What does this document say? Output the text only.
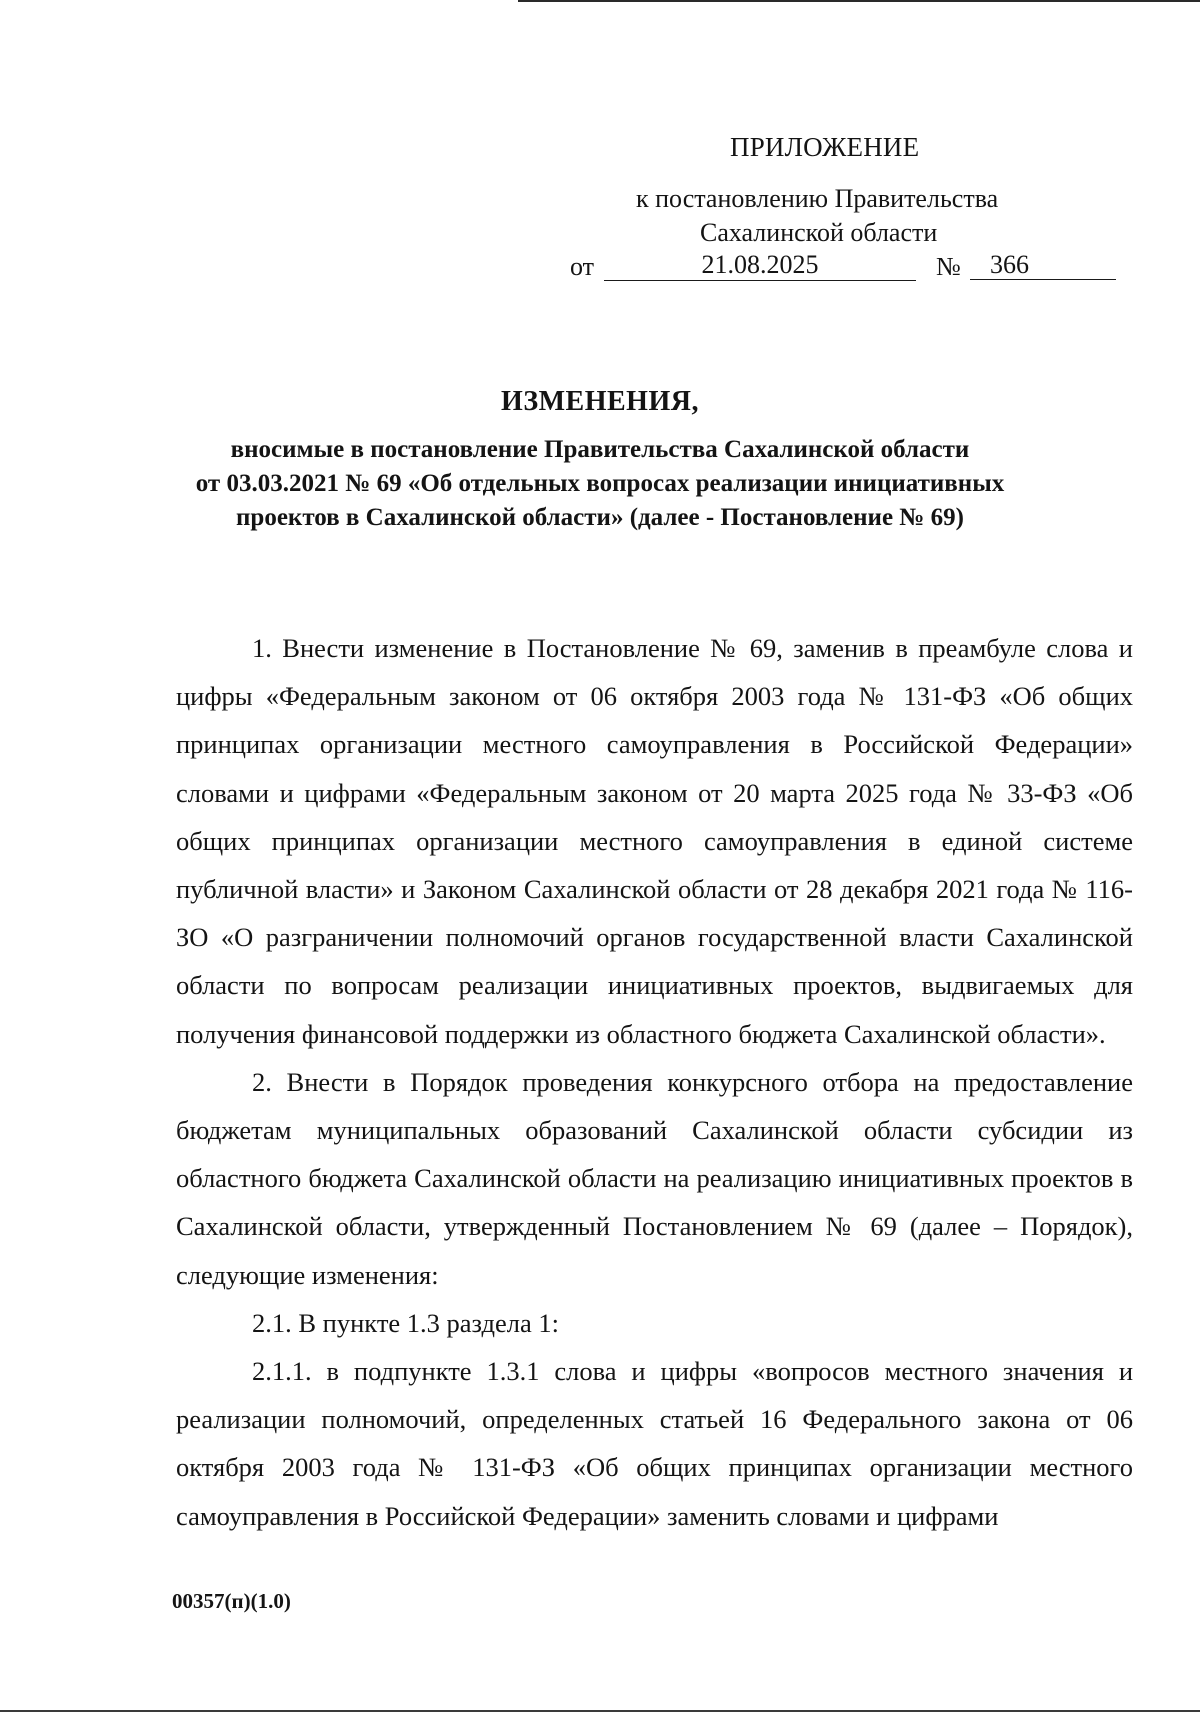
ПРИЛОЖЕНИЕ
к постановлению Правительства
Сахалинской области
от	21.08.2025	№	366
ИЗМЕНЕНИЯ,
вносимые в постановление Правительства Сахалинской области
от 03.03.2021 № 69 «Об отдельных вопросах реализации инициативных
проектов в Сахалинской области» (далее - Постановление № 69)

1. Внести изменение в Постановление № 69, заменив в преамбуле слова и цифры «Федеральным законом от 06 октября 2003 года № 131-ФЗ «Об общих принципах организации местного самоуправления в Российской Федерации» словами и цифрами «Федеральным законом от 20 марта 2025 года № 33-ФЗ «Об общих принципах организации местного самоуправления в единой системе публичной власти» и Законом Сахалинской области от 28 декабря 2021 года № 116-ЗО «О разграничении полномочий органов государственной власти Сахалинской области по вопросам реализации инициативных проектов, выдвигаемых для получения финансовой поддержки из областного бюджета Сахалинской области».

2. Внести в Порядок проведения конкурсного отбора на предоставление бюджетам муниципальных образований Сахалинской области субсидии из областного бюджета Сахалинской области на реализацию инициативных проектов в Сахалинской области, утвержденный Постановлением № 69 (далее – Порядок), следующие изменения:

2.1. В пункте 1.3 раздела 1:

2.1.1. в подпункте 1.3.1 слова и цифры «вопросов местного значения и реализации полномочий, определенных статьей 16 Федерального закона от 06 октября 2003 года № 131-ФЗ «Об общих принципах организации местного самоуправления в Российской Федерации» заменить словами и цифрами

00357(п)(1.0)
